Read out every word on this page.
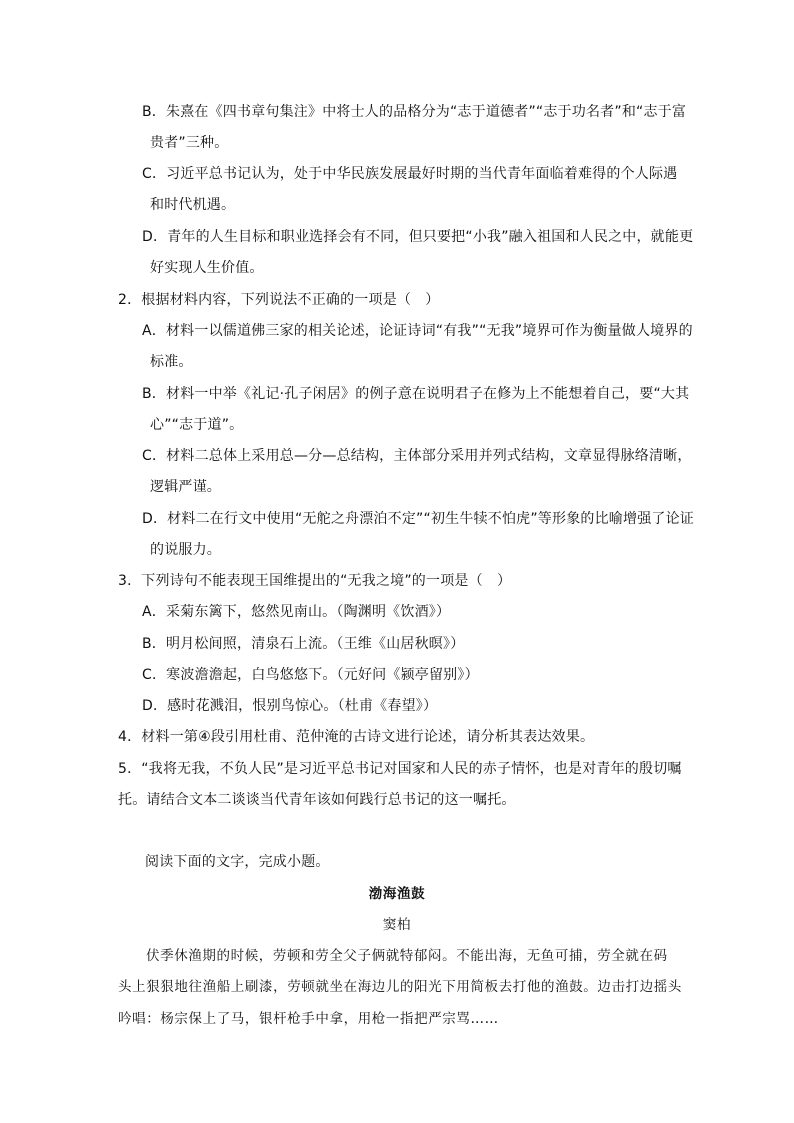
B．朱熹在《四书章句集注》中将士人的品格分为“志于道德者”“志于功名者”和“志于富
贵者”三种。
C．习近平总书记认为，处于中华民族发展最好时期的当代青年面临着难得的个人际遇
和时代机遇。
D．青年的人生目标和职业选择会有不同，但只要把“小我”融入祖国和人民之中，就能更
好实现人生价值。
2．根据材料内容，下列说法不正确的一项是（　）
A．材料一以儒道佛三家的相关论述，论证诗词“有我”“无我”境界可作为衡量做人境界的
标准。
B．材料一中举《礼记·孔子闲居》的例子意在说明君子在修为上不能想着自己，要“大其
心”“志于道”。
C．材料二总体上采用总—分—总结构，主体部分采用并列式结构，文章显得脉络清晰，
逻辑严谨。
D．材料二在行文中使用“无舵之舟漂泊不定”“初生牛犊不怕虎”等形象的比喻增强了论证
的说服力。
3．下列诗句不能表现王国维提出的“无我之境”的一项是（　）
A．采菊东篱下，悠然见南山。（陶渊明《饮酒》）
B．明月松间照，清泉石上流。（王维《山居秋暝》）
C．寒波澹澹起，白鸟悠悠下。（元好问《颍亭留别》）
D．感时花溅泪，恨别鸟惊心。（杜甫《春望》）
4．材料一第④段引用杜甫、范仲淹的古诗文进行论述，请分析其表达效果。
5．“我将无我，不负人民”是习近平总书记对国家和人民的赤子情怀，也是对青年的殷切嘱
托。请结合文本二谈谈当代青年该如何践行总书记的这一嘱托。
阅读下面的文字，完成小题。
渤海渔鼓
窦柏
伏季休渔期的时候，劳顿和劳全父子俩就特郁闷。不能出海，无鱼可捕，劳全就在码
头上狠狠地往渔船上刷漆，劳顿就坐在海边儿的阳光下用简板去打他的渔鼓。边击打边摇头
吟唱：杨宗保上了马，银杆枪手中拿，用枪一指把严宗骂……
